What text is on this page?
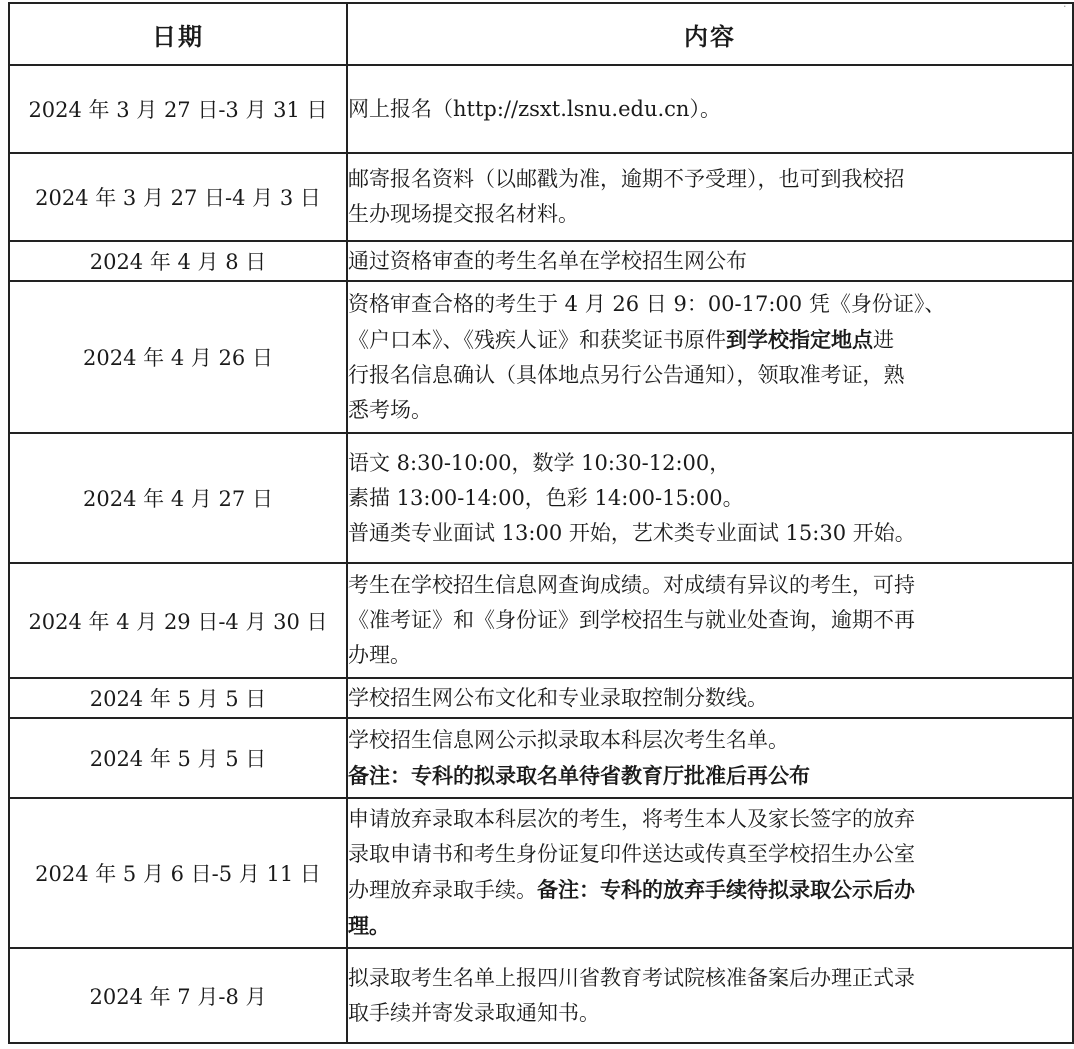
日期	内容
2024 年 3 月 27 日-3 月 31 日	网上报名（http://zsxt.lsnu.edu.cn）。

2024 年 3 月 27 日-4 月 3 日	邮寄报名资料（以邮戳为准，逾期不予受理），也可到我校招
生办现场提交报名材料。

2024 年 4 月 8 日	通过资格审查的考生名单在学校招生网公布

2024 年 4 月 26 日	资格审查合格的考生于 4 月 26 日 9：00-17:00 凭《身份证》、
《户口本》、《残疾人证》和获奖证书原件到学校指定地点进
行报名信息确认（具体地点另行公告通知），领取准考证，熟
悉考场。

2024 年 4 月 27 日	语文 8:30-10:00，数学 10:30-12:00，
素描 13:00-14:00，色彩 14:00-15:00。
普通类专业面试 13:00 开始，艺术类专业面试 15:30 开始。

2024 年 4 月 29 日-4 月 30 日	考生在学校招生信息网查询成绩。对成绩有异议的考生，可持
《准考证》和《身份证》到学校招生与就业处查询，逾期不再
办理。

2024 年 5 月 5 日	学校招生网公布文化和专业录取控制分数线。

2024 年 5 月 5 日	学校招生信息网公示拟录取本科层次考生名单。
备注：专科的拟录取名单待省教育厅批准后再公布

2024 年 5 月 6 日-5 月 11 日	申请放弃录取本科层次的考生，将考生本人及家长签字的放弃
录取申请书和考生身份证复印件送达或传真至学校招生办公室
办理放弃录取手续。备注：专科的放弃手续待拟录取公示后办
理。

2024 年 7 月-8 月	拟录取考生名单上报四川省教育考试院核准备案后办理正式录
取手续并寄发录取通知书。
·
